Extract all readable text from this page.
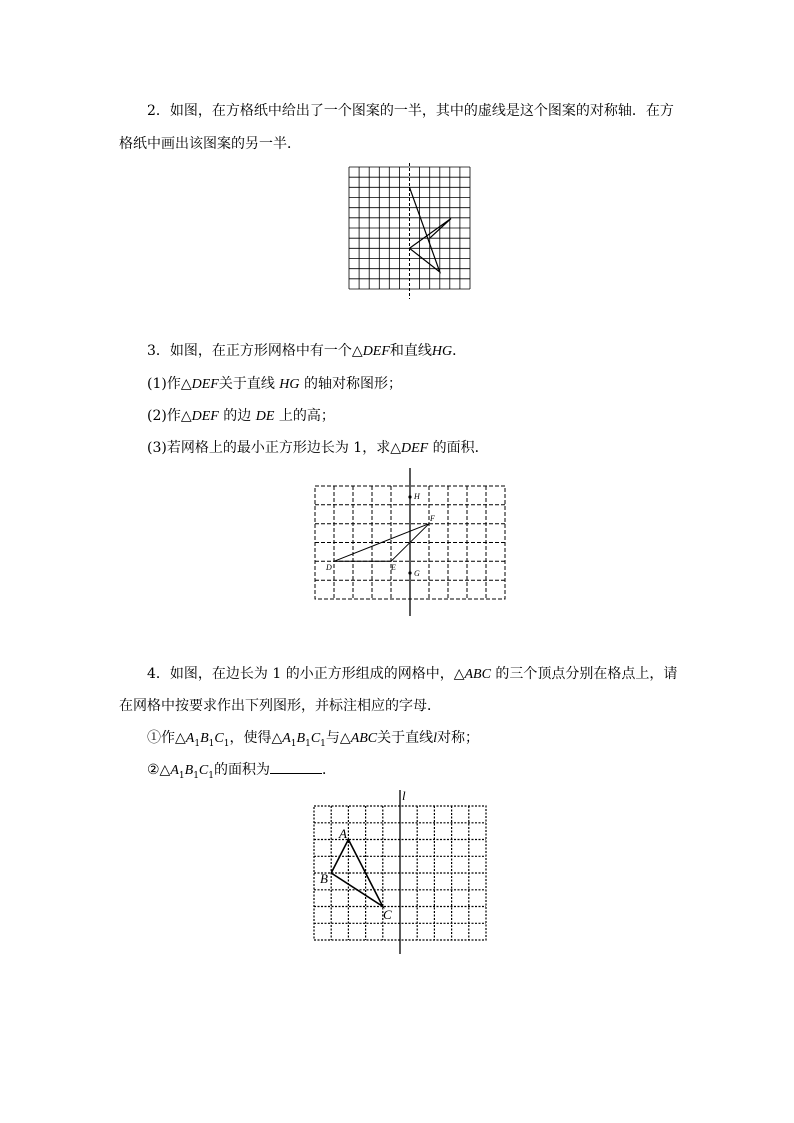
2．如图，在方格纸中给出了一个图案的一半，其中的虚线是这个图案的对称轴．在方
格纸中画出该图案的另一半．
3．如图，在正方形网格中有一个△DEF和直线HG．
(1)作△DEF关于直线 HG 的轴对称图形；
(2)作△DEF 的边 DE 上的高；
(3)若网格上的最小正方形边长为 1，求△DEF 的面积．
H
F
D	E
G
4．如图，在边长为 1 的小正方形组成的网格中，△ABC 的三个顶点分别在格点上，请
在网格中按要求作出下列图形，并标注相应的字母．
①作$\triangle A_1B_1C_1$，使得$\triangle A_1B_1C_1$与△ABC关于直线l对称；
$②\triangle A_1B_1C_1$的面积为	．
l
A
B
C
